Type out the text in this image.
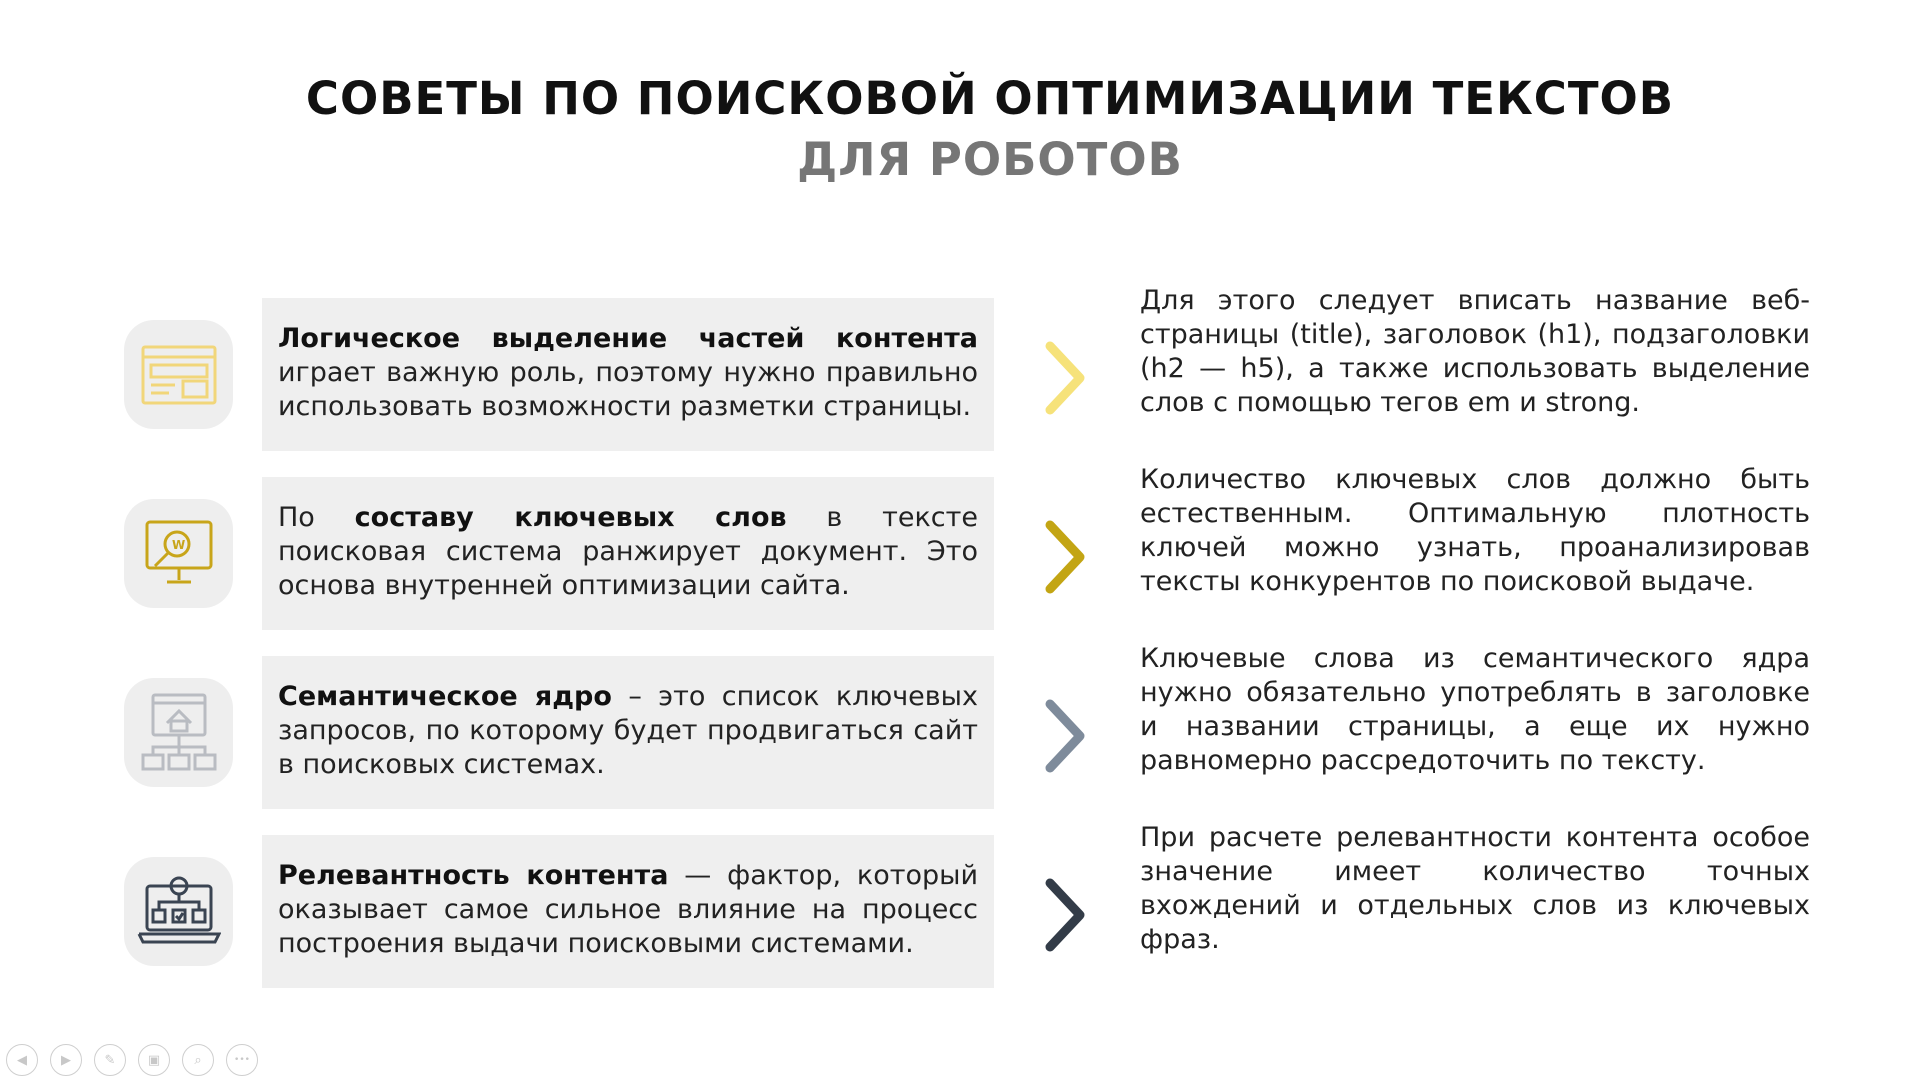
СОВЕТЫ ПО ПОИСКОВОЙ ОПТИМИЗАЦИИ ТЕКСТОВ
ДЛЯ РОБОТОВ
Логическое выделение частей контента играет важную роль, поэтому нужно правильно использовать возможности разметки страницы.
Для этого следует вписать название веб-страницы (title), заголовок (h1), подзаголовки (h2 — h5), а также использовать выделение слов с помощью тегов em и strong.
W
По составу ключевых слов в тексте поисковая система ранжирует документ. Это основа внутренней оптимизации сайта.
Количество ключевых слов должно быть естественным. Оптимальную плотность ключей можно узнать, проанализировав тексты конкурентов по поисковой выдаче.
Семантическое ядро – это список ключевых запросов, по которому будет продвигаться сайт в поисковых системах.
Ключевые слова из семантического ядра нужно обязательно употреблять в заголовке и названии страницы, а еще их нужно равномерно рассредоточить по тексту.
Релевантность контента — фактор, который оказывает самое сильное влияние на процесс построения выдачи поисковыми системами.
При расчете релевантности контента особое значение имеет количество точных вхождений и отдельных слов из ключевых фраз.
◀	▶	✎	▣	⌕	•••
